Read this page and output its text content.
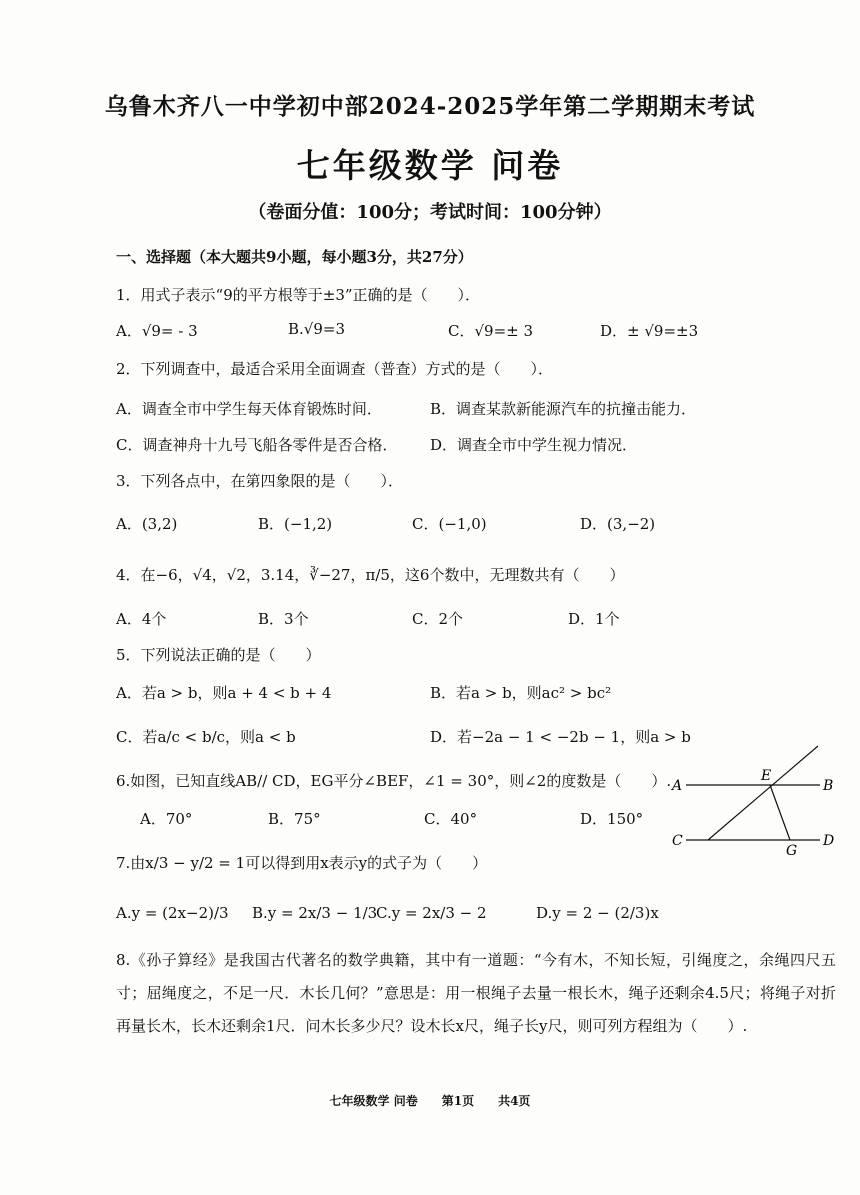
乌鲁木齐八一中学初中部2024-2025学年第二学期期末考试
七年级数学 问卷
（卷面分值：100分；考试时间：100分钟）
一、选择题（本大题共9小题，每小题3分，共27分）
1．用式子表示“9的平方根等于±3”正确的是（　　）．
A．√9= - 3	B.√9=3	C．√9=± 3	D．± √9=±3
2．下列调查中，最适合采用全面调查（普查）方式的是（　　）．
A．调查全市中学生每天体育锻炼时间．	B．调查某款新能源汽车的抗撞击能力．
C．调查神舟十九号飞船各零件是否合格． D．调查全市中学生视力情况．
3．下列各点中，在第四象限的是（　　）．
A．(3,2)	B．(−1,2)	C．(−1,0)	D．(3,−2)
4．在−6，√4，√2，3.14，∛−27，π/5，这6个数中，无理数共有（　　）
A．4个	B．3个	C．2个	D．1个
5．下列说法正确的是（　　）
A．若a > b，则a + 4 < b + 4	B．若a > b，则ac² > bc²
C．若a/c < b/c，则a < b	D．若−2a − 1 < −2b − 1，则a > b
6.如图，已知直线AB// CD，EG平分∠BEF，∠1 = 30°，则∠2的度数是（　　）.
A．70°	B．75°	C．40°	D．150°
A	B
C	D
E
G
7.由x/3 − y/2 = 1可以得到用x表示y的式子为（　　）
A.y = (2x−2)/3 B.y = 2x/3 − 1/3
C.y = 2x/3 − 2	D.y = 2 − (2/3)x
8.《孙子算经》是我国古代著名的数学典籍，其中有一道题：“今有木，不知长短，引绳度之，余绳四尺五寸；屈绳度之，不足一尺．木长几何？”意思是：用一根绳子去量一根长木，绳子还剩余4.5尺；将绳子对折再量长木，长木还剩余1尺．问木长多少尺？设木长x尺，绳子长y尺，则可列方程组为（　　）.
七年级数学 问卷　　第1页　　共4页
